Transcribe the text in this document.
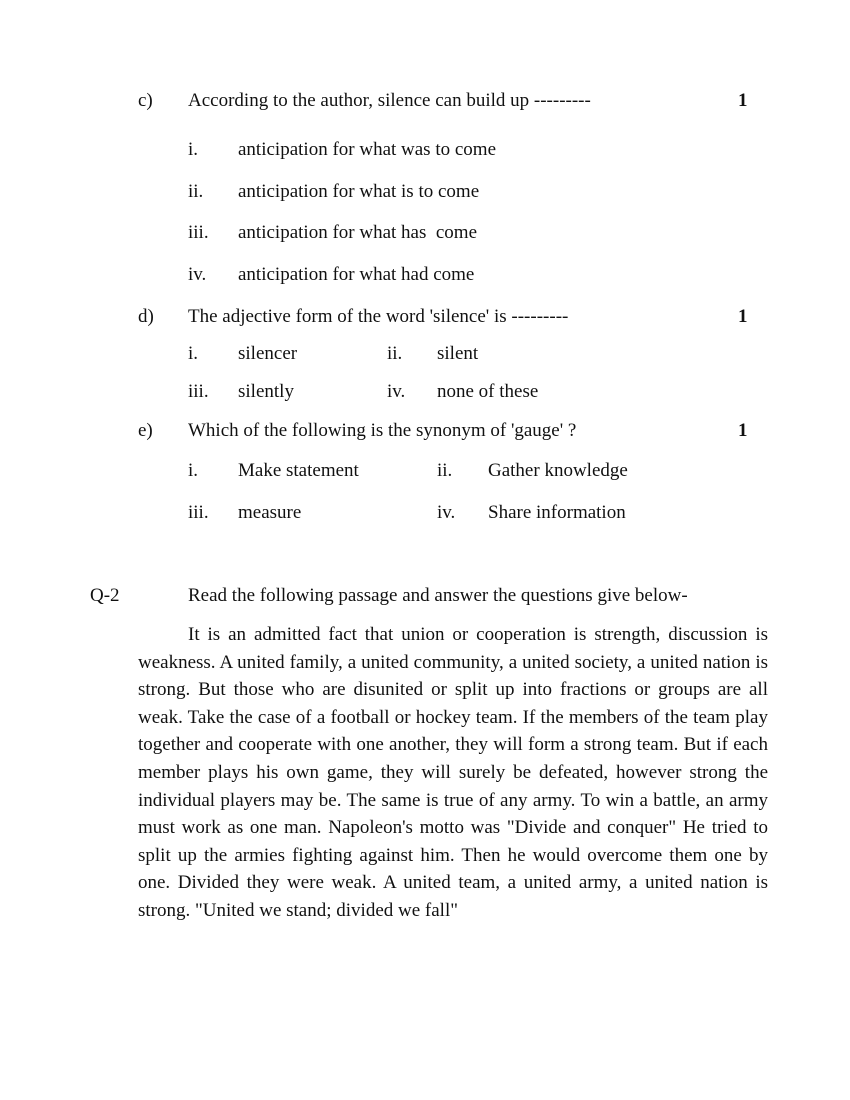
c) According to the author, silence can build up ---------	1
i. anticipation for what was to come
ii. anticipation for what is to come
iii. anticipation for what has  come
iv. anticipation for what had come
d) The adjective form of the word 'silence' is ---------	1
i. silencer	ii. silent
iii. silently	iv. none of these
e) Which of the following is the synonym of 'gauge' ?	1
i. Make statement	ii. Gather knowledge
iii. measure	iv. Share information
Q-2	Read the following passage and answer the questions give below-
It is an admitted fact that union or cooperation is strength, discussion is weakness. A united family, a united community, a united society, a united nation is strong. But those who are disunited or split up into fractions or groups are all weak. Take the case of a football or hockey team. If the members of the team play together and cooperate with one another, they will form a strong team. But if each member plays his own game, they will surely be defeated, however strong the individual players may be. The same is true of any army. To win a battle, an army must work as one man. Napoleon's motto was "Divide and conquer" He tried to split up the armies fighting against him. Then he would overcome them one by one. Divided they were weak. A united team, a united army, a united nation is strong. "United we stand; divided we fall"
